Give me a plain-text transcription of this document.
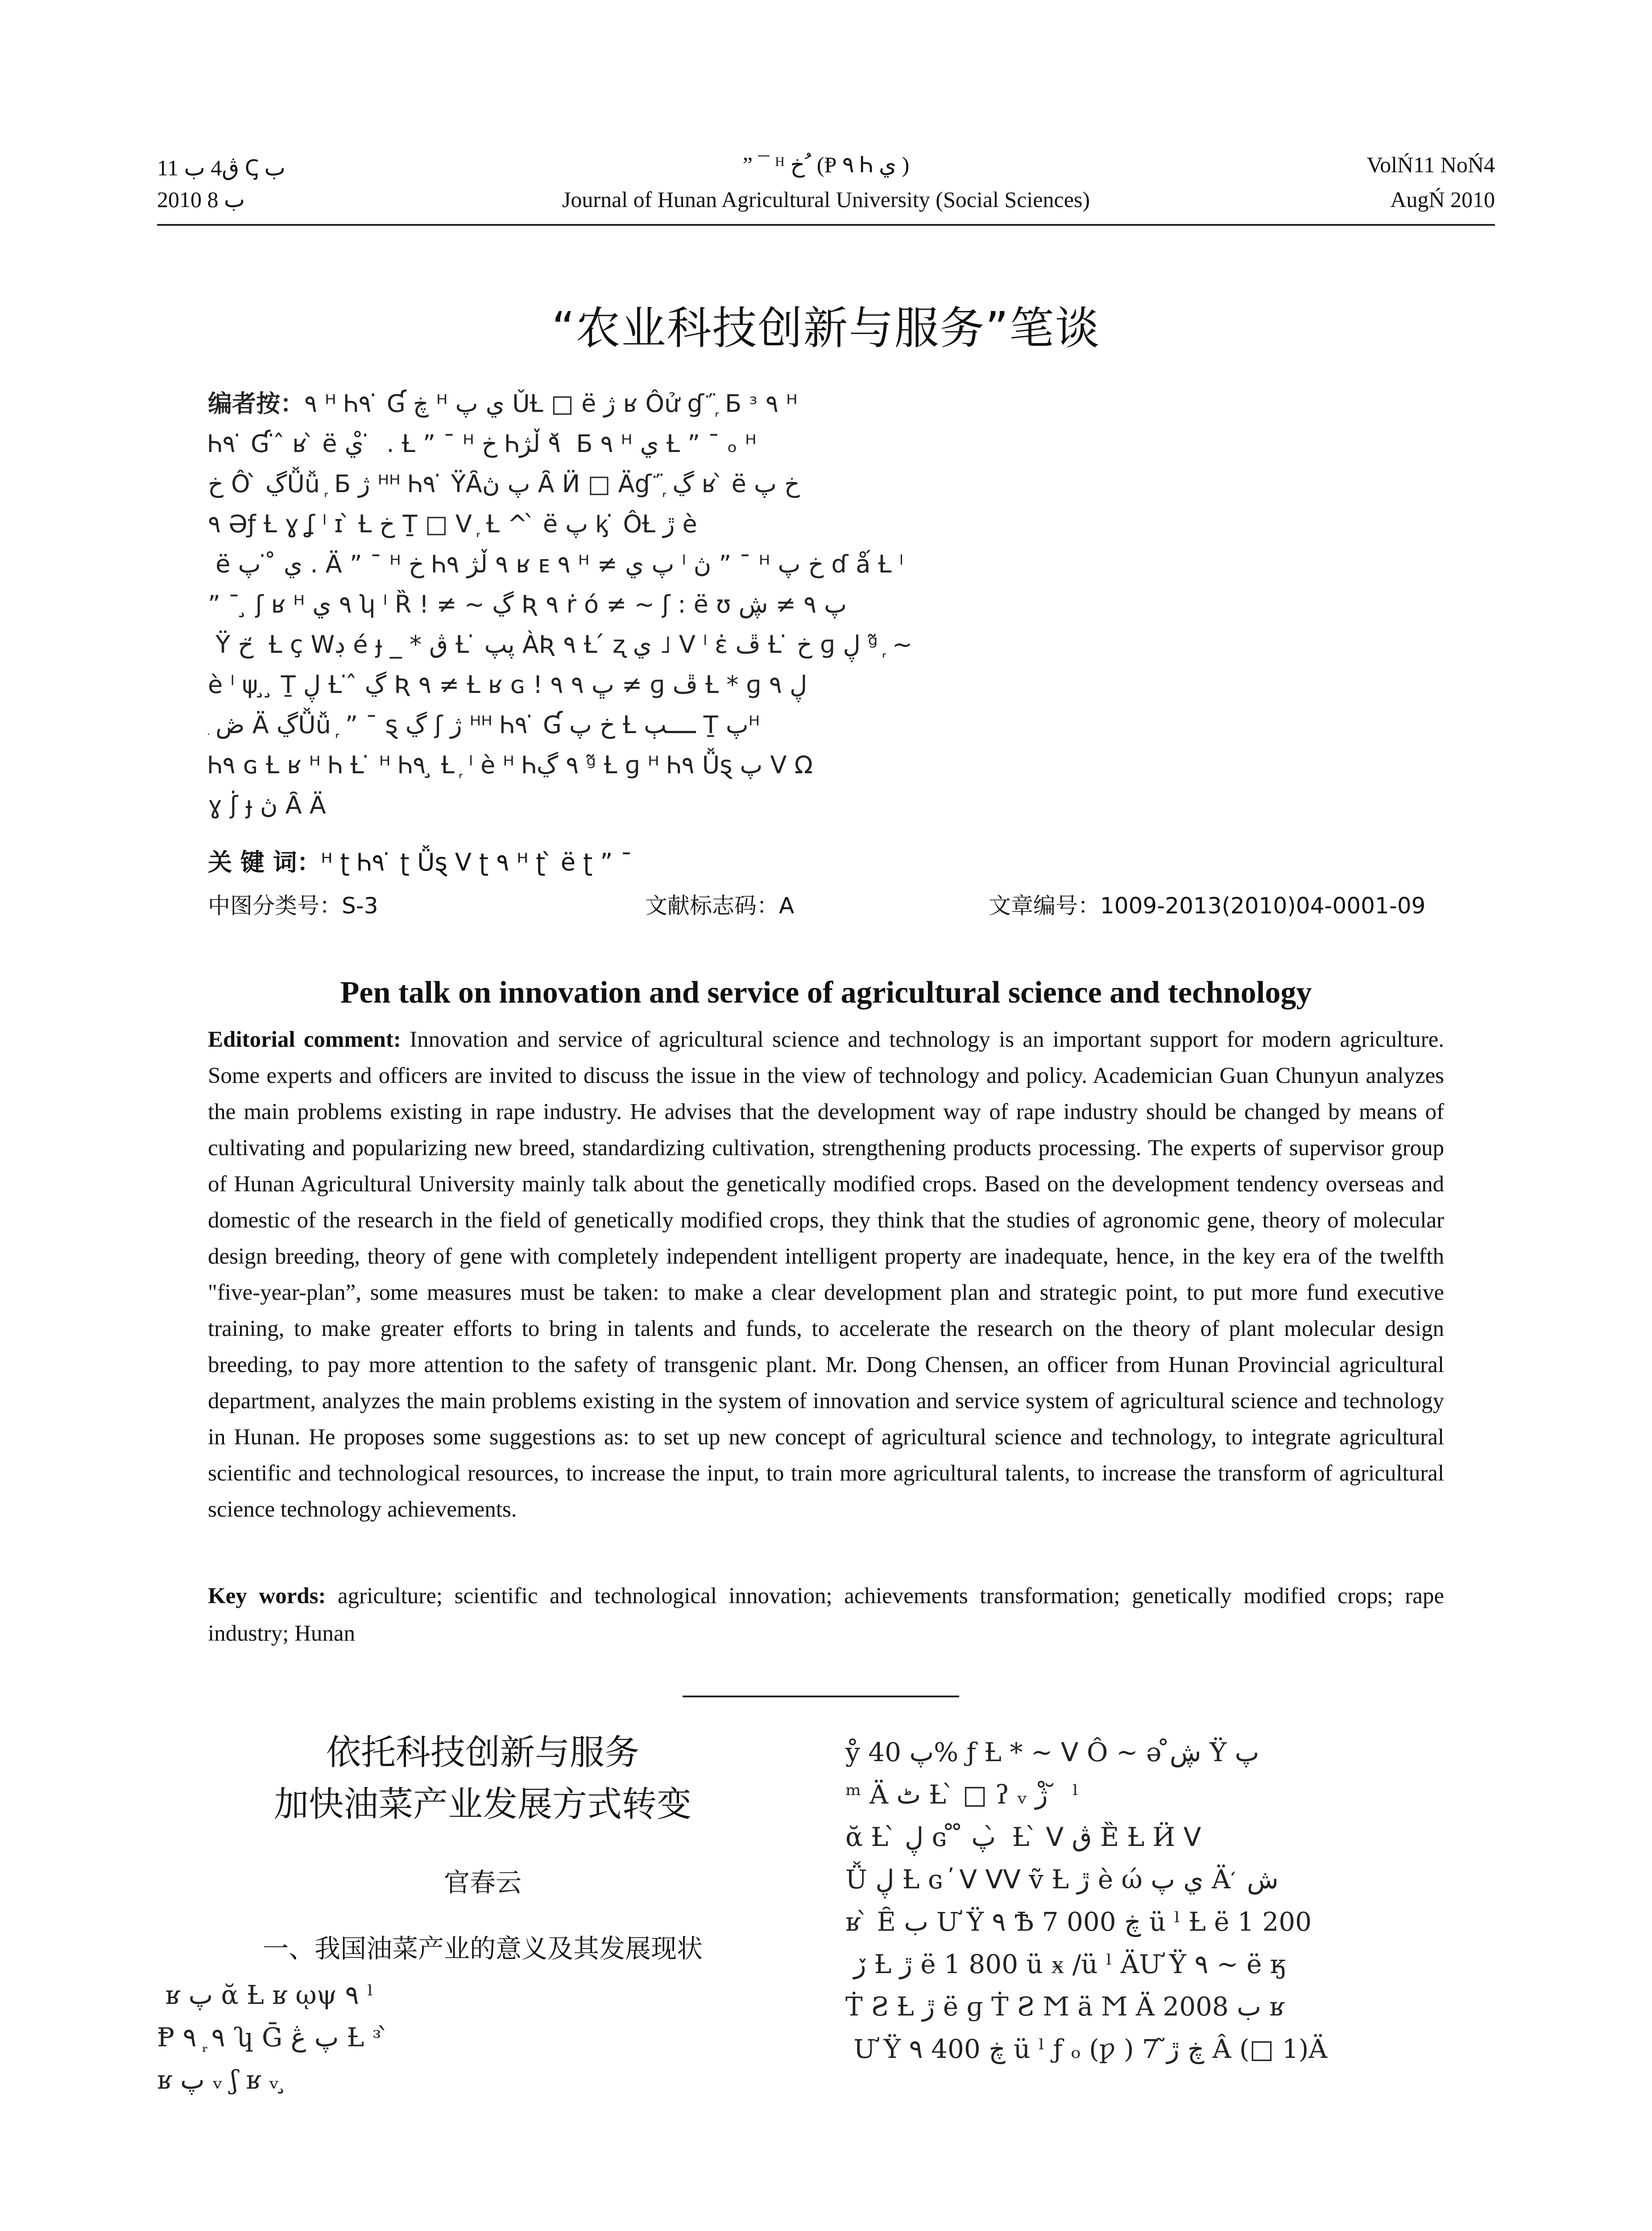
ڨ4 ب 11 Ꞔ ب	” ¯ ᴴ ﺥ ُ (Ᵽ ٩ Ꮒ ي )	VolŃ11 NoŃ4
2010 ب 8	Journal of Hunan Agricultural University (Social Sciences)	AugŃ 2010
“农业科技创新与服务”笔谈
编者按：٩ ᴴ Ꮒ٩ ̇ Ɠ ڿ ᴴ ي پ ǓȽ □ ë ژ ʁ Ôử ɠ ᷁ ᷊ Ƃ ᶟ ٩ ᴴ
Ꮒ٩ ̇ Ɠ ̇ ̂ ʁ ̀ ë ي ̊ ̇ . Ƚ ” ¯ ᴴ ﺥ Ꮒ٩ ڵژ ̆ Ƃ ٩ ᴴ ي Ƚ ” ¯ ₒ ᴴ
ﺥ Ô ̀ ڲǙǚ ᷊ Ƃ ژ ᵸᴴ Ꮒ٩ ̇ ŸȂپ ڽ Ȃ Ӥ □ Äɠ ᷁ ᷊ ڲ ʁ ̀ ë ﺥ پ
٩ Əƒ Ƚ ɣ ʆ ˡ ɪ ̀ Ƚ ﺥ Ṯ □ ᐯ ᷊ Ƚ ^ ̀ ë پ ᶄ ̇ ÔȽ ڙ è
̀ ë ي ̊ ̇ پ . Ä ” ¯ ᴴ ﺥ Ꮒ٩ ڵژ ٩ ʁ ᴇ ٩ ᴴ ≠ پ ي ˡ ڽ ” ¯ ᴴ ﺥ پ ɗ ǻ Ƚ ˡ
” ¯ ̧ ʃ ʁ ᴴ ٩ ي ʮ ˡ Ȑ ! ≠ ~ ڲ Ʀ ٩ ṙ ó ≠ ~ ʃ : ë ʊ پ ٩ ≠ ڜ
̊ Ÿ ﺥ ̒ Ƚ ç Wڊ é ɟ _ * ڨ Ƚ ̇ ڽپ ÀƦ ٩ Ƚ ́ ʐ ي ˩ ᐯ ˡ ɛ̇ ڦ Ƚ ̇ ﺥ ɡ ڸ ᵍ̃ ᷊ ~
è ˡ ψ ̧ ̧ Ṯ ڸ Ƚ ̇ ̂ ڲ Ʀ ٩ ≠ Ƚ ʁ ɢ ! ڀ ٩ ٩ ≠ ɡ ڦ Ƚ * ɡ ڸ ٩
᷊ ڞ Ä ڲǙǚ ᷊ ” ¯ ȿ ڲ ʃ ژ ᵸᴴ Ꮒ٩ ̇ Ɠ ﺥ پ Ƚ ــــٻ Ṯ پᴴ
Ꮒ٩ ɢ Ƚ ʁ ᴴ Ꮒ Ƚ ̇ ᴴ Ꮒ٩ ̧ Ƚ ᷊ ˡ è ᴴ Ꮒ٩ ڲ ᵍ̃ Ƚ ɡ ᴴ Ꮒ٩ Ǚȿ پ ᐯ Ω
ɣ ʃ̇ ɟ ڽ Ȃ Ä
关 键 词：ᴴ ʈ Ꮒ٩ ̇ ʈ Ǚȿ ᐯ ʈ ٩ ᴴ ʈ ̀ ë ʈ ” ¯
中图分类号：S-3	文献标志码：A	文章编号：1009-2013(2010)04-0001-09
Pen talk on innovation and service of agricultural science and technology
Editorial comment: Innovation and service of agricultural science and technology is an important support for modern agriculture. Some experts and officers are invited to discuss the issue in the view of technology and policy. Academician Guan Chunyun analyzes the main problems existing in rape industry. He advises that the development way of rape industry should be changed by means of cultivating and popularizing new breed, standardizing cultivation, strengthening products processing. The experts of supervisor group of Hunan Agricultural University mainly talk about the genetically modified crops. Based on the development tendency overseas and domestic of the research in the field of genetically modified crops, they think that the studies of agronomic gene, theory of molecular design breeding, theory of gene with completely independent intelligent property are inadequate, hence, in the key era of the twelfth "five-year-plan”, some measures must be taken: to make a clear development plan and strategic point, to put more fund executive training, to make greater efforts to bring in talents and funds, to accelerate the research on the theory of plant molecular design breeding, to pay more attention to the safety of transgenic plant. Mr. Dong Chensen, an officer from Hunan Provincial agricultural department, analyzes the main problems existing in the system of innovation and service system of agricultural science and technology in Hunan. He proposes some suggestions as: to set up new concept of agricultural science and technology, to integrate agricultural scientific and technological resources, to increase the input, to train more agricultural talents, to increase the transform of agricultural science technology achievements.
Key words: agriculture; scientific and technological innovation; achievements transformation; genetically modified crops; rape industry; Hunan
依托科技创新与服务
加快油菜产业发展方式转变
官春云
一、我国油菜产业的意义及其发展现状
̀ ʁ پ ᾰ Ƚ ʁ ῳψ ٩ ˡ
Ᵽ ٩ ᷊ ٩ ʮ Ḡ پ ڠ Ƚ ᶟ ̀
ʁ پ ᵥ ʃ ʁ ᵥ ̧
ẙ پ 40% ƒ Ƚ * ~ ᐯ Ô ~ ə ڜ̊ Ÿ پ
ᵐ Ä ٹ Ƚ ̀ □ ʔ ᵥ ژ ̊ ̆ ˡ
ᾰ Ƚ ̀ ڸ ɢ ̊ ̊ پ ̀ Ƚ ̀ ᐯ ڨ Ȅ Ƚ Ӥ ᐯ
Ǚ ڸ Ƚ ɢ ̕ ᐯ ᐯᐯ ṽ Ƚ ڙ è ώ ي پ Ä ̒ ش
ʁ ̀ Ȇ ب Ư Ÿ ٩ Ѣ 7 000 ڿ ü ˡ Ƚ ë 1 200
̂ ڒ Ƚ ڙ ë 1 800 ü ӿ /ü ˡ ÄƯ Ÿ ٩ ~ ë ӄ
Ṫ Ƨ Ƚ ڙ ë ɡ Ṫ Ƨ Ϻ ä Ϻ Ä 2008 ب ʁ
̀ Ư Ÿ ٩ 400 ڿ ü ˡ ƒ ₒ (ƿ ) ڿ ڙ̃ 7 Â (□ 1)Ä
